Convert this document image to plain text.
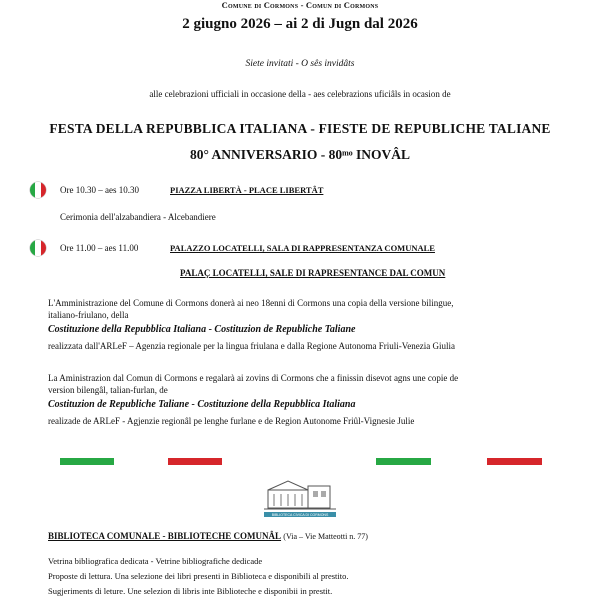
Comune di Cormons - Comun di Cormons
2 giugno 2026 – ai 2 di Jugn dal 2026
Siete invitati - O sês invidâts
alle celebrazioni ufficiali in occasione della - aes celebrazions uficiâls in ocasion de
FESTA DELLA REPUBBLICA ITALIANA - FIESTE DE REPUBLICHE TALIANE
80° ANNIVERSARIO - 80ᵐᵒ INOVÂL
Ore 10.30 – aes 10.30	PIAZZA LIBERTÀ - PLACE LIBERTÂT
Cerimonia dell'alzabandiera - Alcebandiere
Ore 11.00 – aes 11.00	PALAZZO LOCATELLI, SALA DI RAPPRESENTANZA COMUNALE
PALAÇ LOCATELLI, SALE DI RAPRESENTANCE DAL COMUN
L'Amministrazione del Comune di Cormons donerà ai neo 18enni di Cormons una copia della versione bilingue,
italiano-friulano, della
Costituzione della Repubblica Italiana - Costituzion de Republiche Taliane
realizzata dall'ARLeF – Agenzia regionale per la lingua friulana e dalla Regione Autonoma Friuli-Venezia Giulia
La Aministrazion dal Comun di Cormons e regalarà ai zovins di Cormons che a finissin disevot agns une copie de
version bilengâl, talian-furlan, de
Costituzion de Republiche Taliane - Costituzione della Repubblica Italiana
realizade de ARLeF - Agjenzie regionâl pe lenghe furlane e de Region Autonome Friûl-Vignesie Julie
BIBLIOTECA CIVICA DI CORMONS
BIBLIOTECA COMUNALE - BIBLIOTECHE COMUNÂL (Via – Vie Matteotti n. 77)
Vetrina bibliografica dedicata - Vetrine bibliografiche dedicade
Proposte di lettura. Una selezione dei libri presenti in Biblioteca e disponibili al prestito.
Sugjeriments di leture. Une selezion di libris inte Biblioteche e disponibii in prestit.
